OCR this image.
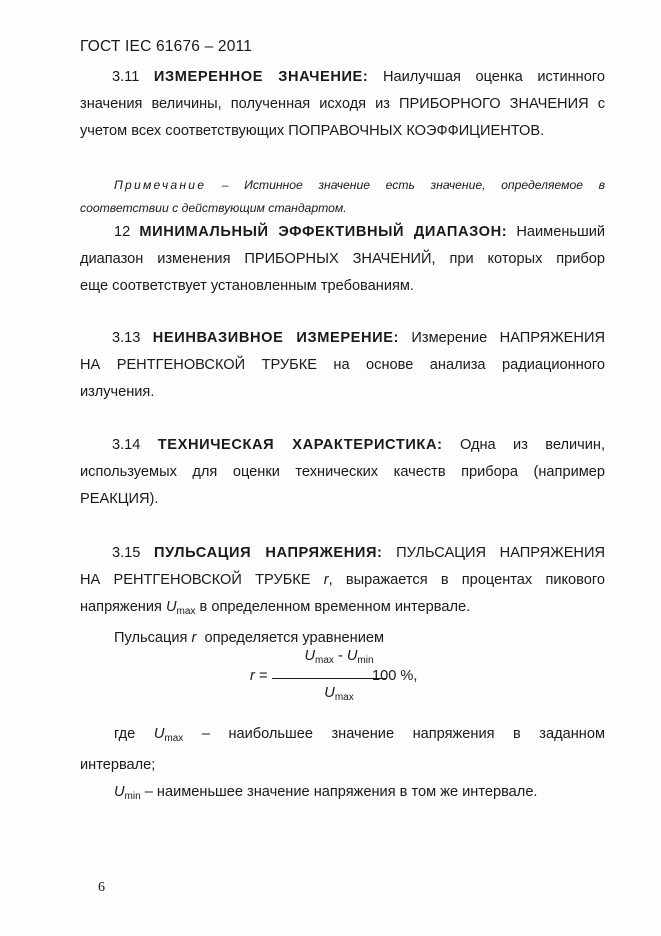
ГОСТ IEC 61676 – 2011
3.11 ИЗМЕРЕННОЕ ЗНАЧЕНИЕ: Наилучшая оценка истинного
значения величины, полученная исходя из ПРИБОРНОГО ЗНАЧЕНИЯ с
учетом всех соответствующих ПОПРАВОЧНЫХ КОЭФФИЦИЕНТОВ.
Примечание – Истинное значение есть значение, определяемое в
соответствии с действующим стандартом.
12 МИНИМАЛЬНЫЙ ЭФФЕКТИВНЫЙ ДИАПАЗОН: Наименьший
диапазон изменения ПРИБОРНЫХ ЗНАЧЕНИЙ, при которых прибор
еще соответствует установленным требованиям.
3.13 НЕИНВАЗИВНОЕ ИЗМЕРЕНИЕ: Измерение НАПРЯЖЕНИЯ
НА РЕНТГЕНОВСКОЙ ТРУБКЕ на основе анализа радиационного
излучения.
3.14 ТЕХНИЧЕСКАЯ ХАРАКТЕРИСТИКА: Одна из величин,
используемых для оценки технических качеств прибора (например
РЕАКЦИЯ).
3.15 ПУЛЬСАЦИЯ НАПРЯЖЕНИЯ: ПУЛЬСАЦИЯ НАПРЯЖЕНИЯ
НА РЕНТГЕНОВСКОЙ ТРУБКЕ r, выражается в процентах пикового
напряжения $U_{max}$ в определенном временном интервале.
Пульсация r определяется уравнением
r =
$U_{max} - U_{min}$
$U_{max}$
100 %,
где $U_{max}$ – наибольшее значение напряжения в заданном
интервале;
$U_{min}$ – наименьшее значение напряжения в том же интервале.
6
